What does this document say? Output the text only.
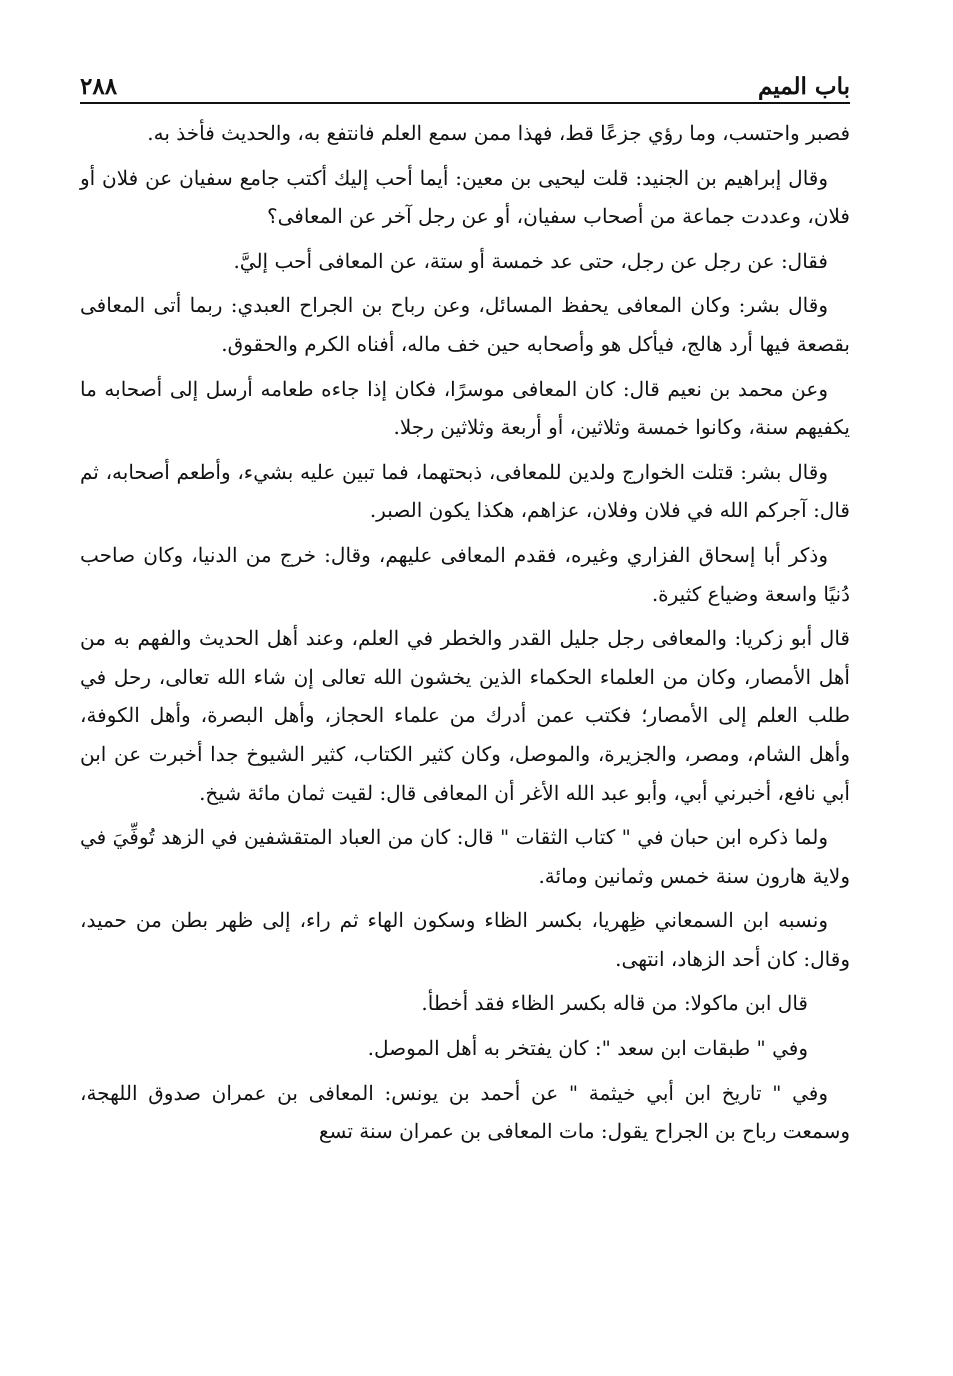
باب الميم
٢٨٨

فصبر واحتسب، وما رؤي جزعًا قط، فهذا ممن سمع العلم فانتفع به، والحديث فأخذ به.

وقال إبراهيم بن الجنيد: قلت ليحيى بن معين: أيما أحب إليك أكتب جامع سفيان عن فلان أو فلان، وعددت جماعة من أصحاب سفيان، أو عن رجل آخر عن المعافى؟

فقال: عن رجل عن رجل، حتى عد خمسة أو ستة، عن المعافى أحب إليَّ.

وقال بشر: وكان المعافى يحفظ المسائل، وعن رباح بن الجراح العبدي: ربما أتى المعافى بقصعة فيها أرد هالج، فيأكل هو وأصحابه حين خف ماله، أفناه الكرم والحقوق.

وعن محمد بن نعيم قال: كان المعافى موسرًا، فكان إذا جاءه طعامه أرسل إلى أصحابه ما يكفيهم سنة، وكانوا خمسة وثلاثين، أو أربعة وثلاثين رجلا.

وقال بشر: قتلت الخوارج ولدين للمعافى، ذبحتهما، فما تبين عليه بشيء، وأطعم أصحابه، ثم قال: آجركم الله في فلان وفلان، عزاهم، هكذا يكون الصبر.

وذكر أبا إسحاق الفزاري وغيره، فقدم المعافى عليهم، وقال: خرج من الدنيا، وكان صاحب دُنيًا واسعة وضياع كثيرة.

قال أبو زكريا: والمعافى رجل جليل القدر والخطر في العلم، وعند أهل الحديث والفهم به من أهل الأمصار، وكان من العلماء الحكماء الذين يخشون الله تعالى إن شاء الله تعالى، رحل في طلب العلم إلى الأمصار؛ فكتب عمن أدرك من علماء الحجاز، وأهل البصرة، وأهل الكوفة، وأهل الشام، ومصر، والجزيرة، والموصل، وكان كثير الكتاب، كثير الشيوخ جدا أخبرت عن ابن أبي نافع، أخبرني أبي، وأبو عبد الله الأغر أن المعافى قال: لقيت ثمان مائة شيخ.

ولما ذكره ابن حبان في " كتاب الثقات " قال: كان من العباد المتقشفين في الزهد تُوفِّيَ في ولاية هارون سنة خمس وثمانين ومائة.

ونسبه ابن السمعاني ظِهريا، بكسر الظاء وسكون الهاء ثم راء، إلى ظهر بطن من حميد، وقال: كان أحد الزهاد، انتهى.

قال ابن ماكولا: من قاله بكسر الظاء فقد أخطأ.

وفي " طبقات ابن سعد ": كان يفتخر به أهل الموصل.

وفي " تاريخ ابن أبي خيثمة " عن أحمد بن يونس: المعافى بن عمران صدوق اللهجة، وسمعت رباح بن الجراح يقول: مات المعافى بن عمران سنة تسع
